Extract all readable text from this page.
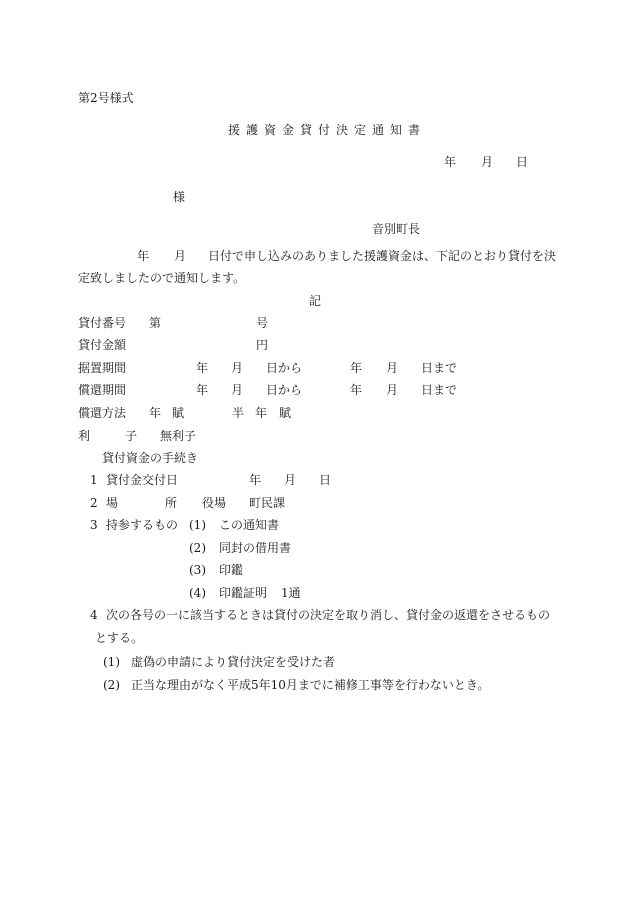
第2号様式
援護資金貸付決定通知書
年 月 日
様
音別町長
年 月 日付で申し込みのありました援護資金は、下記のとおり貸付を決
定致しましたので通知します。
記
貸付番号 第	号
貸付金額	円
据置期間	年 月 日から	年 月 日まで
償還期間	年 月 日から	年 月 日まで
償還方法 年 賦	半 年 賦
利	子 無利子
貸付資金の手続き
1 貸付金交付日	年 月 日
2 場	所 役場 町民課
3 持参するもの (1) この通知書
(2) 同封の借用書
(3) 印鑑
(4) 印鑑証明 1通
4 次の各号の一に該当するときは貸付の決定を取り消し、貸付金の返還をさせるもの
とする。
(1) 虚偽の申請により貸付決定を受けた者
(2) 正当な理由がなく平成5年10月までに補修工事等を行わないとき。
